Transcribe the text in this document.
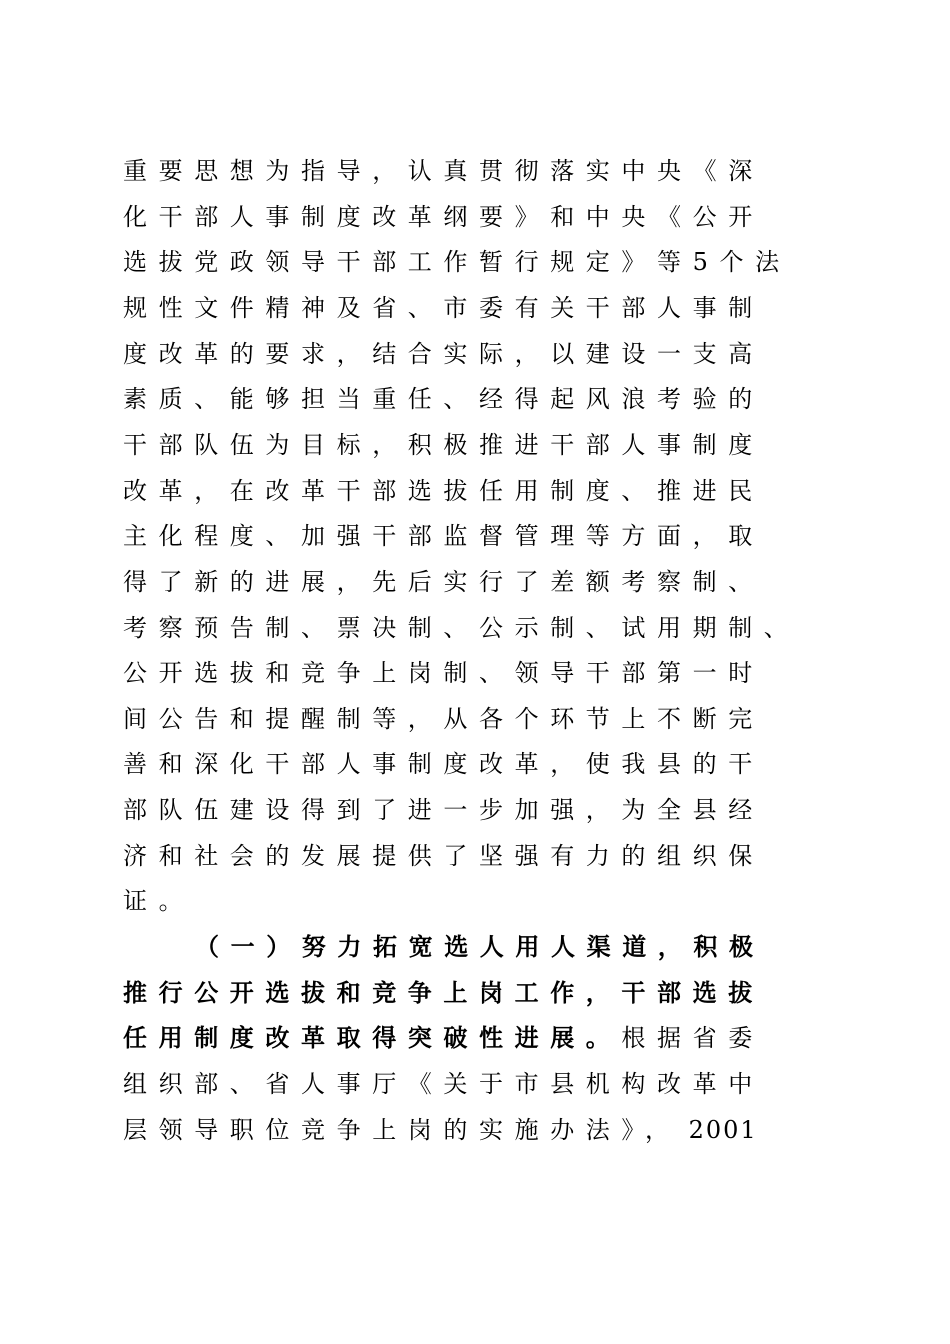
重要思想为指导，认真贯彻落实中央《深
化干部人事制度改革纲要》和中央《公开
选拔党政领导干部工作暂行规定》等5个法
规性文件精神及省、市委有关干部人事制
度改革的要求，结合实际，以建设一支高
素质、能够担当重任、经得起风浪考验的
干部队伍为目标，积极推进干部人事制度
改革，在改革干部选拔任用制度、推进民
主化程度、加强干部监督管理等方面，取
得了新的进展，先后实行了差额考察制、
考察预告制、票决制、公示制、试用期制、
公开选拔和竞争上岗制、领导干部第一时
间公告和提醒制等，从各个环节上不断完
善和深化干部人事制度改革，使我县的干
部队伍建设得到了进一步加强，为全县经
济和社会的发展提供了坚强有力的组织保
证。
（一）努力拓宽选人用人渠道，积极
推行公开选拔和竞争上岗工作，干部选拔
任用制度改革取得突破性进展。根据省委
组织部、省人事厅《关于市县机构改革中
层领导职位竞争上岗的实施办法》， 2001
